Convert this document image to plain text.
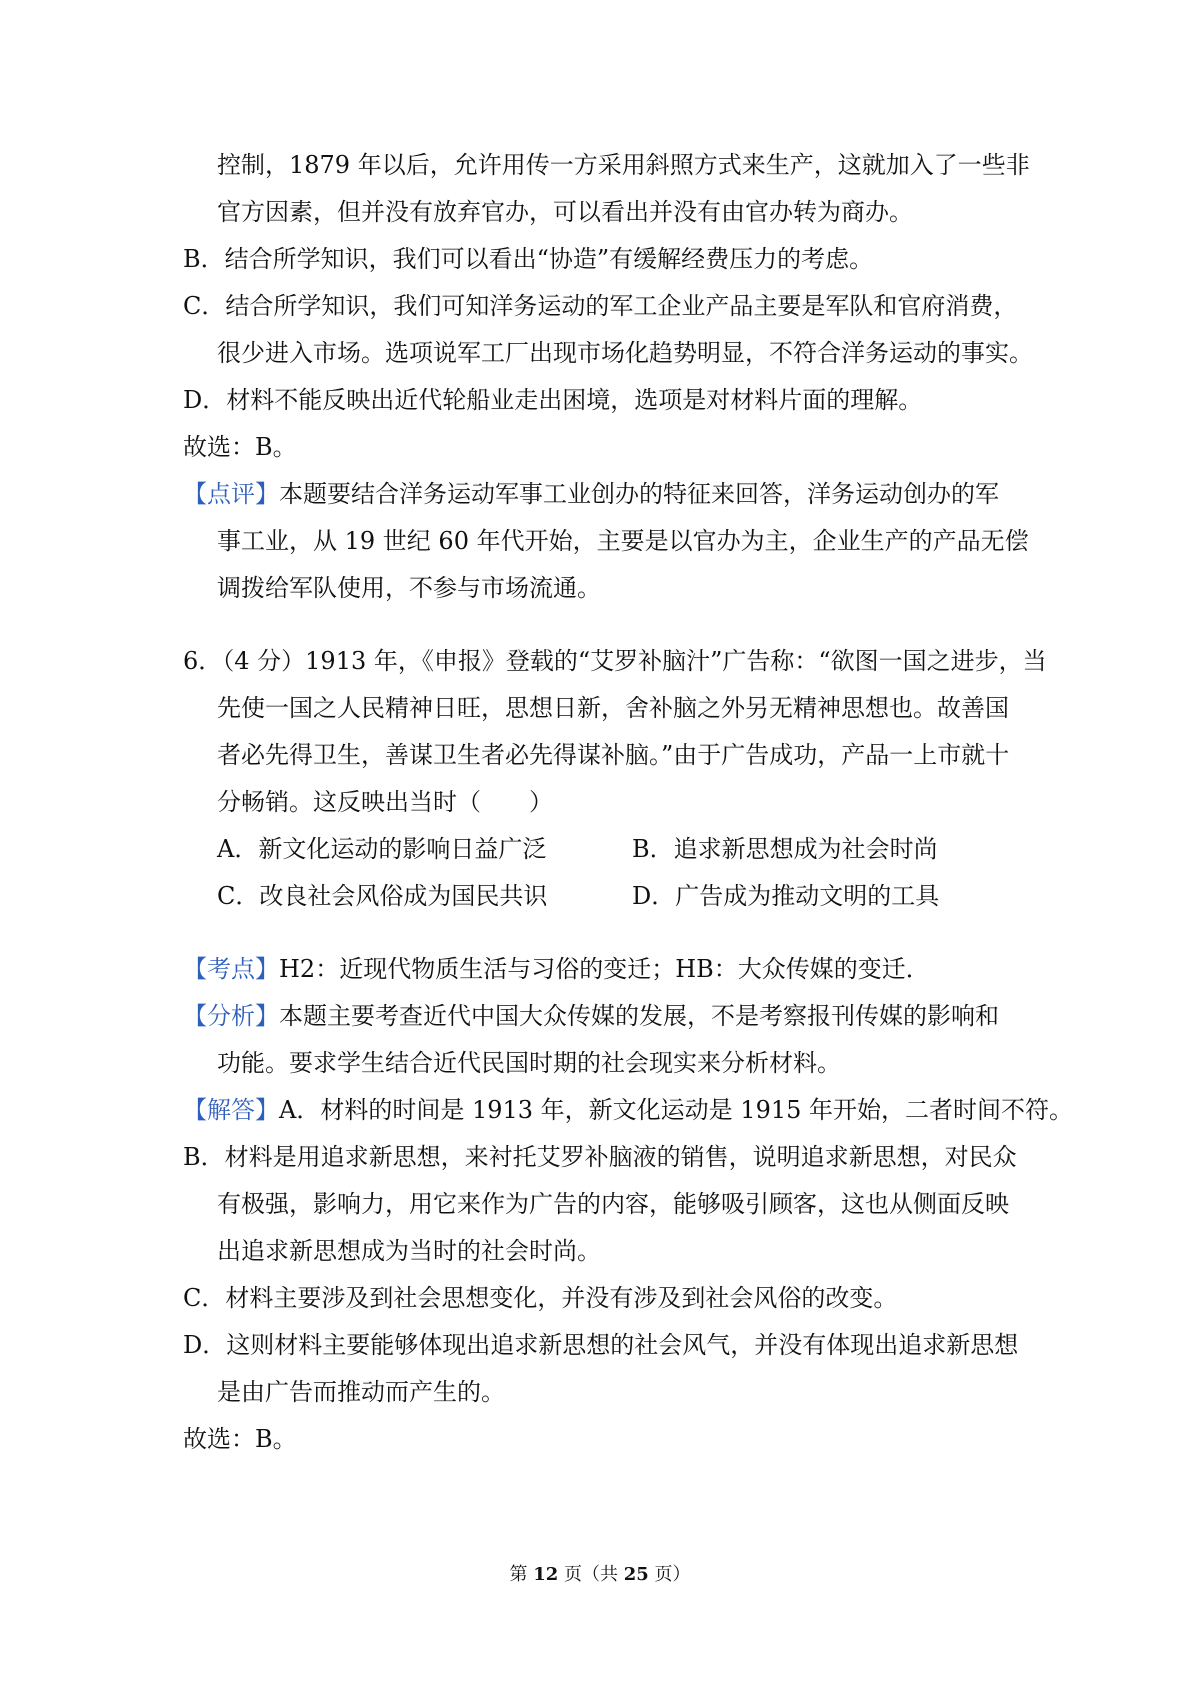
控制，1879 年以后，允许用传一方采用斜照方式来生产，这就加入了一些非
官方因素，但并没有放弃官办，可以看出并没有由官办转为商办。
B．结合所学知识，我们可以看出“协造”有缓解经费压力的考虑。
C．结合所学知识，我们可知洋务运动的军工企业产品主要是军队和官府消费，
很少进入市场。选项说军工厂出现市场化趋势明显，不符合洋务运动的事实。
D．材料不能反映出近代轮船业走出困境，选项是对材料片面的理解。
故选：B。
【点评】本题要结合洋务运动军事工业创办的特征来回答，洋务运动创办的军
事工业，从 19 世纪 60 年代开始，主要是以官办为主，企业生产的产品无偿
调拨给军队使用，不参与市场流通。
6．（4 分）1913 年，《申报》登载的“艾罗补脑汁”广告称：“欲图一国之进步，当
先使一国之人民精神日旺，思想日新，舍补脑之外另无精神思想也。故善国
者必先得卫生，善谋卫生者必先得谋补脑。”由于广告成功，产品一上市就十
分畅销。这反映出当时（　　）
A．新文化运动的影响日益广泛	B．追求新思想成为社会时尚
C．改良社会风俗成为国民共识	D．广告成为推动文明的工具
【考点】H2：近现代物质生活与习俗的变迁；HB：大众传媒的变迁．
【分析】本题主要考查近代中国大众传媒的发展，不是考察报刊传媒的影响和
功能。要求学生结合近代民国时期的社会现实来分析材料。
【解答】A．材料的时间是 1913 年，新文化运动是 1915 年开始，二者时间不符。
B．材料是用追求新思想，来衬托艾罗补脑液的销售，说明追求新思想，对民众
有极强，影响力，用它来作为广告的内容，能够吸引顾客，这也从侧面反映
出追求新思想成为当时的社会时尚。
C．材料主要涉及到社会思想变化，并没有涉及到社会风俗的改变。
D．这则材料主要能够体现出追求新思想的社会风气，并没有体现出追求新思想
是由广告而推动而产生的。
故选：B。
第 12 页（共 25 页）
